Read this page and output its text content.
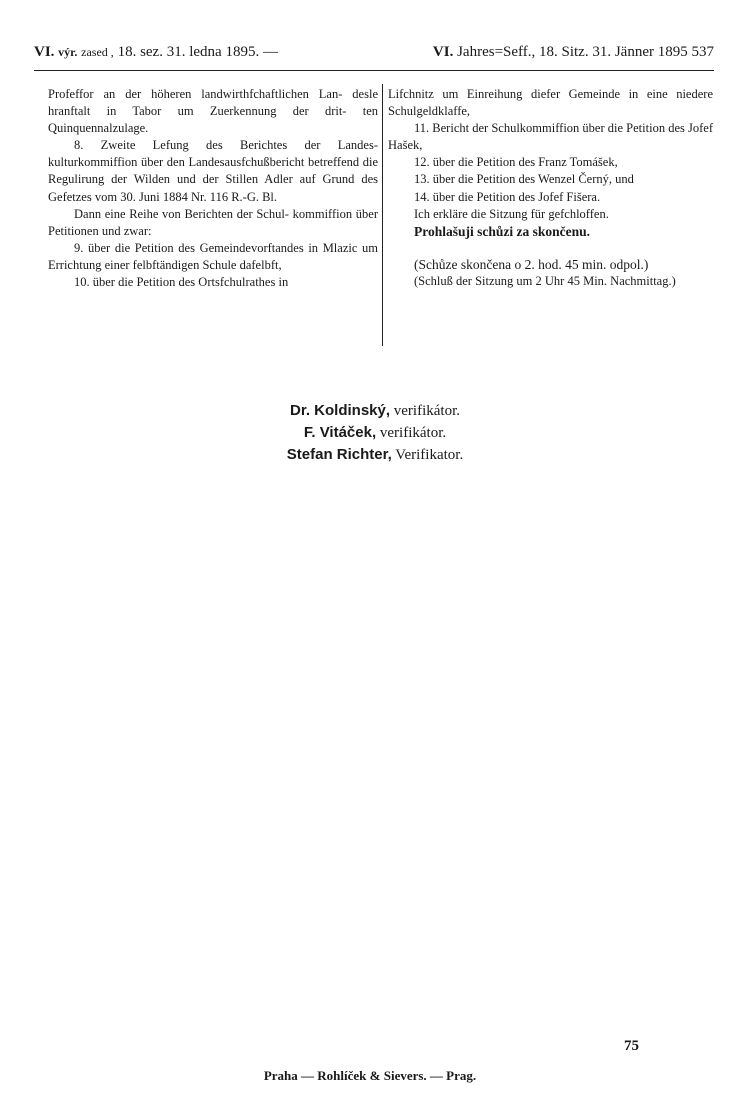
VI. výr. zased , 18. sez. 31. ledna 1895. —	VI. Jahres=Seff., 18. Sitz. 31. Jänner 1895 537

Profeffor an der höheren landwirthfchaftlichen Lan- desle hranftalt in Tabor um Zuerkennung der drit- ten Quinquennalzulage.

8. Zweite Lefung des Berichtes der Landes- kulturkommiffion über den Landesausfchußbericht betreffend die Regulirung der Wilden und der Stillen Adler auf Grund des Gefetzes vom 30. Juni 1884 Nr. 116 R.-G. Bl.

Dann eine Reihe von Berichten der Schul- kommiffion über Petitionen und zwar:

9. über die Petition des Gemeindevorftandes in Mlazic um Errichtung einer felbftändigen Schule dafelbft,

10. über die Petition des Ortsfchulrathes in

Lifchnitz um Einreihung diefer Gemeinde in eine niedere Schulgeldklaffe,

11. Bericht der Schulkommiffion über die Petition des Jofef Hašek,

12. über die Petition des Franz Tomášek,

13. über die Petition des Wenzel Černý, und

14. über die Petition des Jofef Fišera.

Ich erkläre die Sitzung für gefchloffen.

Prohlašuji schůzi za skončenu.

(Schůze skončena o 2. hod. 45 min. odpol.)

(Schluß der Sitzung um 2 Uhr 45 Min. Nachmittag.)

Dr. Koldinský, verifikátor.
F. Vitáček, verifikátor.
Stefan Richter, Verifikator.
75
Praha — Rohlíček & Sievers. — Prag.
